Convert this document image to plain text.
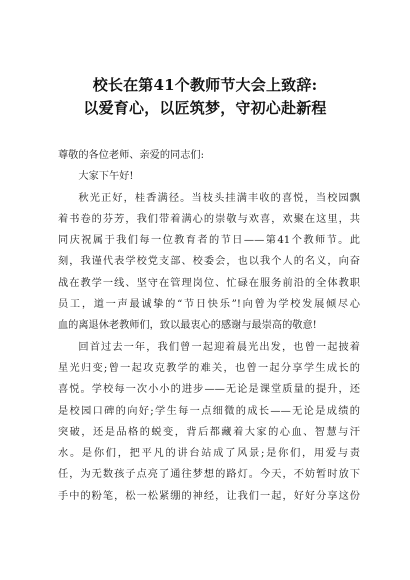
校长在第41个教师节大会上致辞:
以爱育心，以匠筑梦，守初心赴新程
尊敬的各位老师、亲爱的同志们:
大家下午好!
秋光正好，桂香满径。当枝头挂满丰收的喜悦，当校园飘
着书卷的芬芳，我们带着满心的崇敬与欢喜，欢聚在这里，共
同庆祝属于我们每一位教育者的节日——第41个教师节。此
刻，我谨代表学校党支部、校委会，也以我个人的名义，向奋
战在教学一线、坚守在管理岗位、忙碌在服务前沿的全体教职
员工，道一声最诚挚的“节日快乐”!向曾为学校发展倾尽心
血的离退休老教师们，致以最衷心的感谢与最崇高的敬意!
回首过去一年，我们曾一起迎着晨光出发，也曾一起披着
星光归变;曾一起攻克教学的难关，也曾一起分享学生成长的
喜悦。学校每一次小小的进步——无论是课堂质量的提升，还
是校园口碑的向好;学生每一点细微的成长——无论是成绩的
突破，还是品格的蜕变，背后都藏着大家的心血、智慧与汗
水。是你们，把平凡的讲台站成了风景;是你们，用爱与责
任，为无数孩子点亮了通往梦想的路灯。今天，不妨暂时放下
手中的粉笔，松一松紧绷的神经，让我们一起，好好分享这份
